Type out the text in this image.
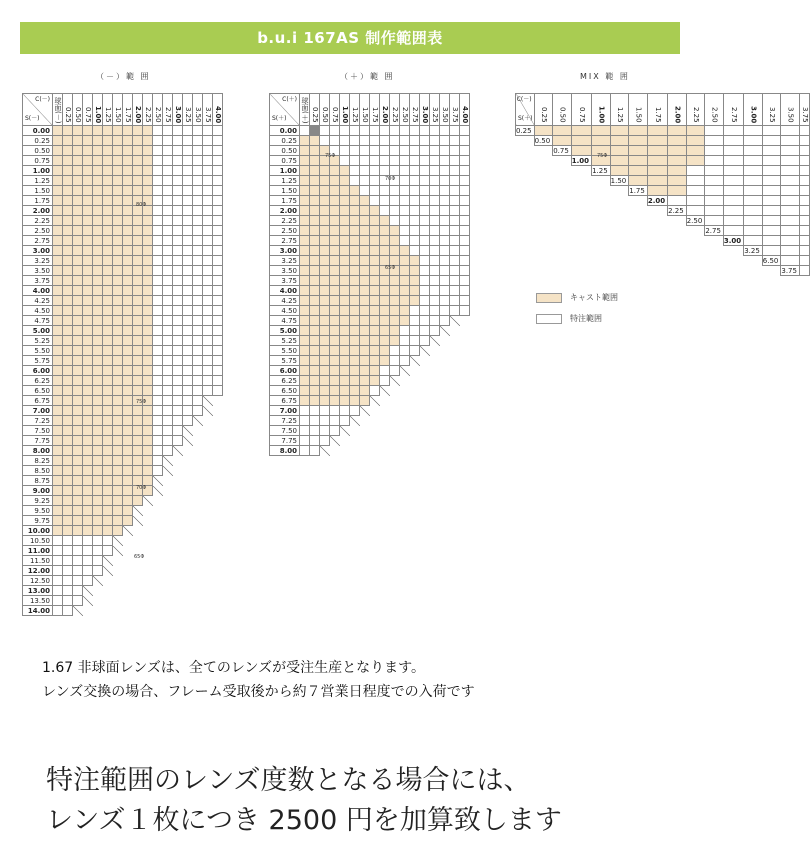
b.u.i 167AS 制作範囲表
（－）範 囲
C(－)
S(－)	球面(－)	0.25	0.50	0.75	1.00	1.25	1.50	1.75	2.00	2.25	2.50	2.75	3.00	3.25	3.50	3.75	4.00
0.00																	
0.25																	
0.50																	
0.75																	
1.00																	
1.25																	
1.50																	
1.75																	
2.00																	
2.25																	
2.50																	
2.75																	
3.00																	
3.25																	
3.50																	
3.75																	
4.00																	
4.25																	
4.50																	
4.75																	
5.00																	
5.25																	
5.50																	
5.75																	
6.00																	
6.25																	
6.50																	
6.75																	
7.00																	
7.25																	
7.50																	
7.75																	
8.00																	
8.25																	
8.50																	
8.75																	
9.00																	
9.25																	
9.50																	
9.75																	
10.00																	
10.50																	
11.00																	
11.50																	
12.00																	
12.50																	
13.00																	
13.50																	
14.00																	
（＋）範 囲
C(＋)
S(＋)	球面(＋)	0.25	0.50	0.75	1.00	1.25	1.50	1.75	2.00	2.25	2.50	2.75	3.00	3.25	3.50	3.75	4.00
0.00																	
0.25																	
0.50																	
0.75																	
1.00																	
1.25																	
1.50																	
1.75																	
2.00																	
2.25																	
2.50																	
2.75																	
3.00																	
3.25																	
3.50																	
3.75																	
4.00																	
4.25																	
4.50																	
4.75																	
5.00																	
5.25																	
5.50																	
5.75																	
6.00																	
6.25																	
6.50																	
6.75																	
7.00																	
7.25																	
7.50																	
7.75																	
8.00																	
MIX 範 囲
C(－)
S(＋)	0.25	0.50	0.75	1.00	1.25	1.50	1.75	2.00	2.25	2.50	2.75	3.00	3.25	3.50	3.75
0.25															
	0.50														
		0.75													
			1.00												
				1.25											
					1.50										
						1.75									
							2.00								
								2.25							
									2.50						
										2.75					
											3.00				
												3.25			
													6.50		
														3.75	
キャスト範囲
特注範囲
1.67 非球面レンズは、全てのレンズが受注生産となります。
レンズ交換の場合、フレーム受取後から約７営業日程度での入荷です
特注範囲のレンズ度数となる場合には、
レンズ１枚につき 2500 円を加算致します
80Φ
75Φ
70Φ
65Φ
75Φ
70Φ
65Φ
75Φ
